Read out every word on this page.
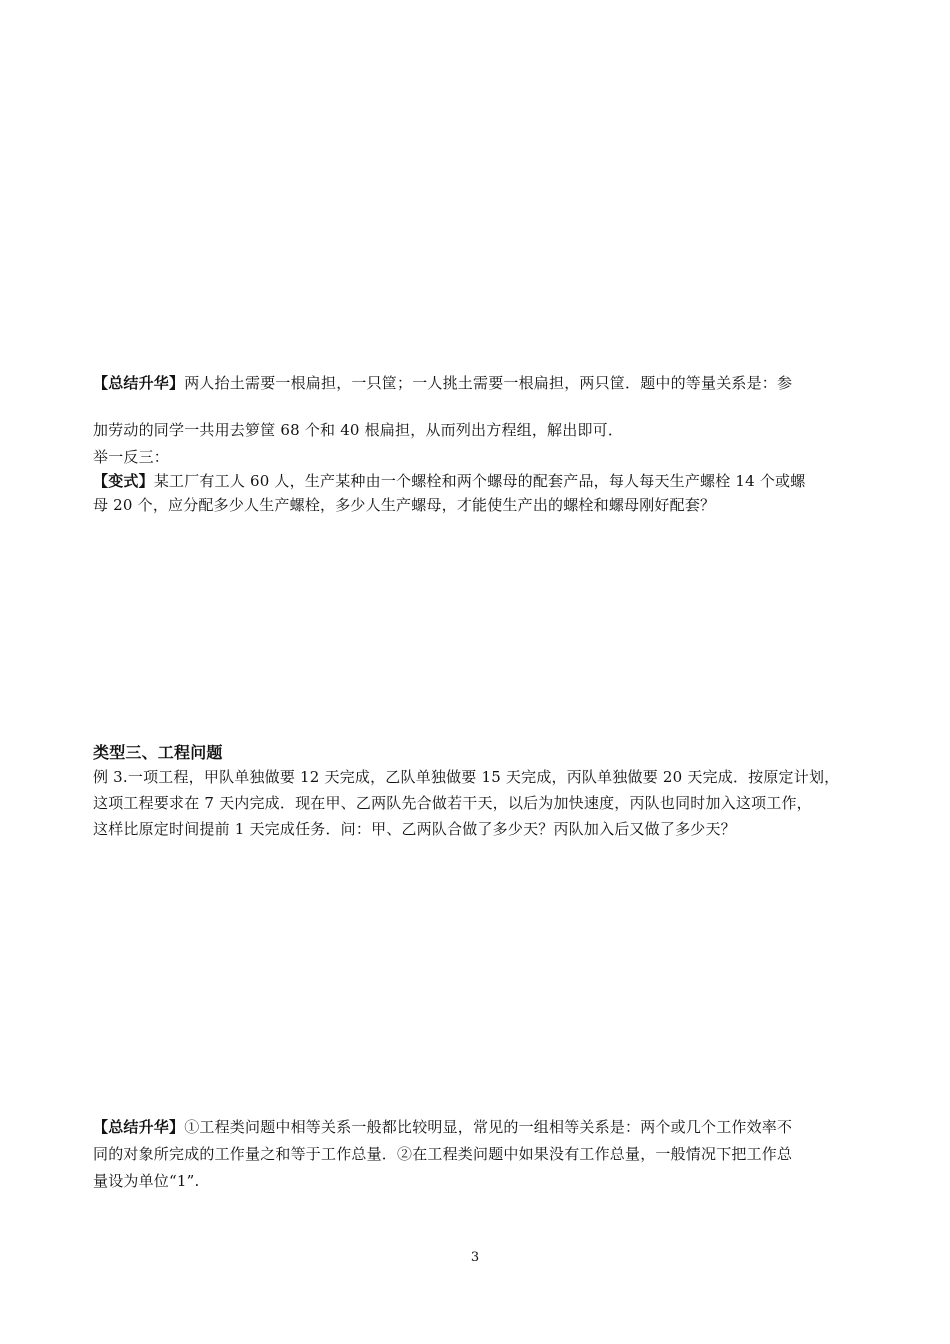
【总结升华】两人抬土需要一根扁担，一只筐；一人挑土需要一根扁担，两只筐．题中的等量关系是：参
加劳动的同学一共用去箩筐 68 个和 40 根扁担，从而列出方程组，解出即可．
举一反三：
【变式】某工厂有工人 60 人，生产某种由一个螺栓和两个螺母的配套产品，每人每天生产螺栓 14 个或螺
母 20 个，应分配多少人生产螺栓，多少人生产螺母，才能使生产出的螺栓和螺母刚好配套？
类型三、工程问题
例 3.一项工程，甲队单独做要 12 天完成，乙队单独做要 15 天完成，丙队单独做要 20 天完成．按原定计划，
这项工程要求在 7 天内完成．现在甲、乙两队先合做若干天，以后为加快速度，丙队也同时加入这项工作，
这样比原定时间提前 1 天完成任务．问：甲、乙两队合做了多少天？丙队加入后又做了多少天？
【总结升华】①工程类问题中相等关系一般都比较明显，常见的一组相等关系是：两个或几个工作效率不
同的对象所完成的工作量之和等于工作总量．②在工程类问题中如果没有工作总量，一般情况下把工作总
量设为单位“1”.
3
